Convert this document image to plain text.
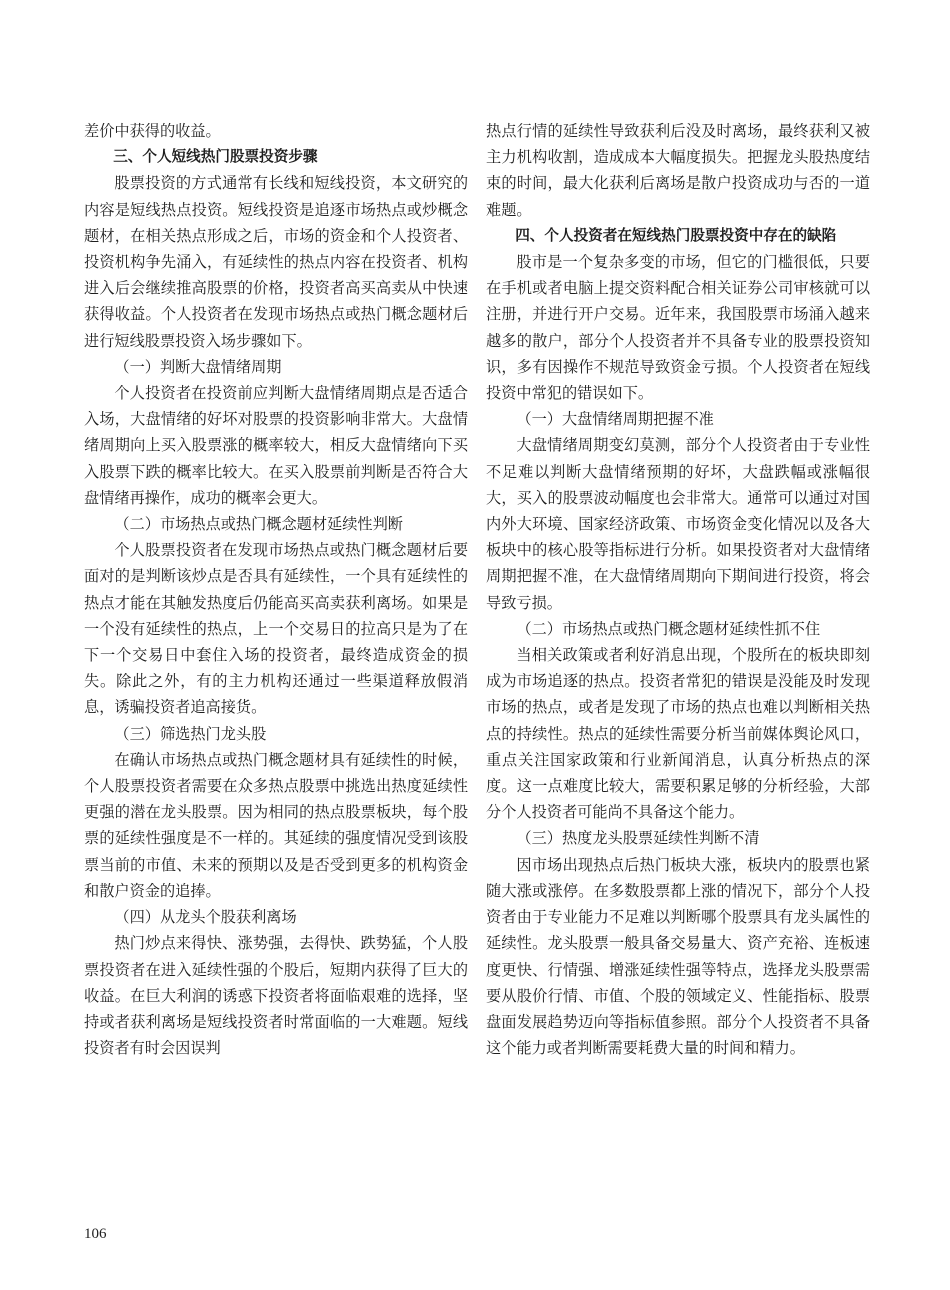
差价中获得的收益。

三、个人短线热门股票投资步骤

股票投资的方式通常有长线和短线投资，本文研究的内容是短线热点投资。短线投资是追逐市场热点或炒概念题材，在相关热点形成之后，市场的资金和个人投资者、投资机构争先涌入，有延续性的热点内容在投资者、机构进入后会继续推高股票的价格，投资者高买高卖从中快速获得收益。个人投资者在发现市场热点或热门概念题材后进行短线股票投资入场步骤如下。

（一）判断大盘情绪周期

个人投资者在投资前应判断大盘情绪周期点是否适合入场，大盘情绪的好坏对股票的投资影响非常大。大盘情绪周期向上买入股票涨的概率较大，相反大盘情绪向下买入股票下跌的概率比较大。在买入股票前判断是否符合大盘情绪再操作，成功的概率会更大。

（二）市场热点或热门概念题材延续性判断

个人股票投资者在发现市场热点或热门概念题材后要面对的是判断该炒点是否具有延续性，一个具有延续性的热点才能在其触发热度后仍能高买高卖获利离场。如果是一个没有延续性的热点，上一个交易日的拉高只是为了在下一个交易日中套住入场的投资者，最终造成资金的损失。除此之外，有的主力机构还通过一些渠道释放假消息，诱骗投资者追高接货。

（三）筛选热门龙头股

在确认市场热点或热门概念题材具有延续性的时候，个人股票投资者需要在众多热点股票中挑选出热度延续性更强的潜在龙头股票。因为相同的热点股票板块，每个股票的延续性强度是不一样的。其延续的强度情况受到该股票当前的市值、未来的预期以及是否受到更多的机构资金和散户资金的追捧。

（四）从龙头个股获利离场

热门炒点来得快、涨势强，去得快、跌势猛，个人股票投资者在进入延续性强的个股后，短期内获得了巨大的收益。在巨大利润的诱惑下投资者将面临艰难的选择，坚持或者获利离场是短线投资者时常面临的一大难题。短线投资者有时会因误判

热点行情的延续性导致获利后没及时离场，最终获利又被主力机构收割，造成成本大幅度损失。把握龙头股热度结束的时间，最大化获利后离场是散户投资成功与否的一道难题。

四、个人投资者在短线热门股票投资中存在的缺陷

股市是一个复杂多变的市场，但它的门槛很低，只要在手机或者电脑上提交资料配合相关证券公司审核就可以注册，并进行开户交易。近年来，我国股票市场涌入越来越多的散户，部分个人投资者并不具备专业的股票投资知识，多有因操作不规范导致资金亏损。个人投资者在短线投资中常犯的错误如下。

（一）大盘情绪周期把握不准

大盘情绪周期变幻莫测，部分个人投资者由于专业性不足难以判断大盘情绪预期的好坏，大盘跌幅或涨幅很大，买入的股票波动幅度也会非常大。通常可以通过对国内外大环境、国家经济政策、市场资金变化情况以及各大板块中的核心股等指标进行分析。如果投资者对大盘情绪周期把握不准，在大盘情绪周期向下期间进行投资，将会导致亏损。

（二）市场热点或热门概念题材延续性抓不住

当相关政策或者利好消息出现，个股所在的板块即刻成为市场追逐的热点。投资者常犯的错误是没能及时发现市场的热点，或者是发现了市场的热点也难以判断相关热点的持续性。热点的延续性需要分析当前媒体舆论风口，重点关注国家政策和行业新闻消息，认真分析热点的深度。这一点难度比较大，需要积累足够的分析经验，大部分个人投资者可能尚不具备这个能力。

（三）热度龙头股票延续性判断不清

因市场出现热点后热门板块大涨，板块内的股票也紧随大涨或涨停。在多数股票都上涨的情况下，部分个人投资者由于专业能力不足难以判断哪个股票具有龙头属性的延续性。龙头股票一般具备交易量大、资产充裕、连板速度更快、行情强、增涨延续性强等特点，选择龙头股票需要从股价行情、市值、个股的领域定义、性能指标、股票盘面发展趋势迈向等指标值参照。部分个人投资者不具备这个能力或者判断需要耗费大量的时间和精力。

106
